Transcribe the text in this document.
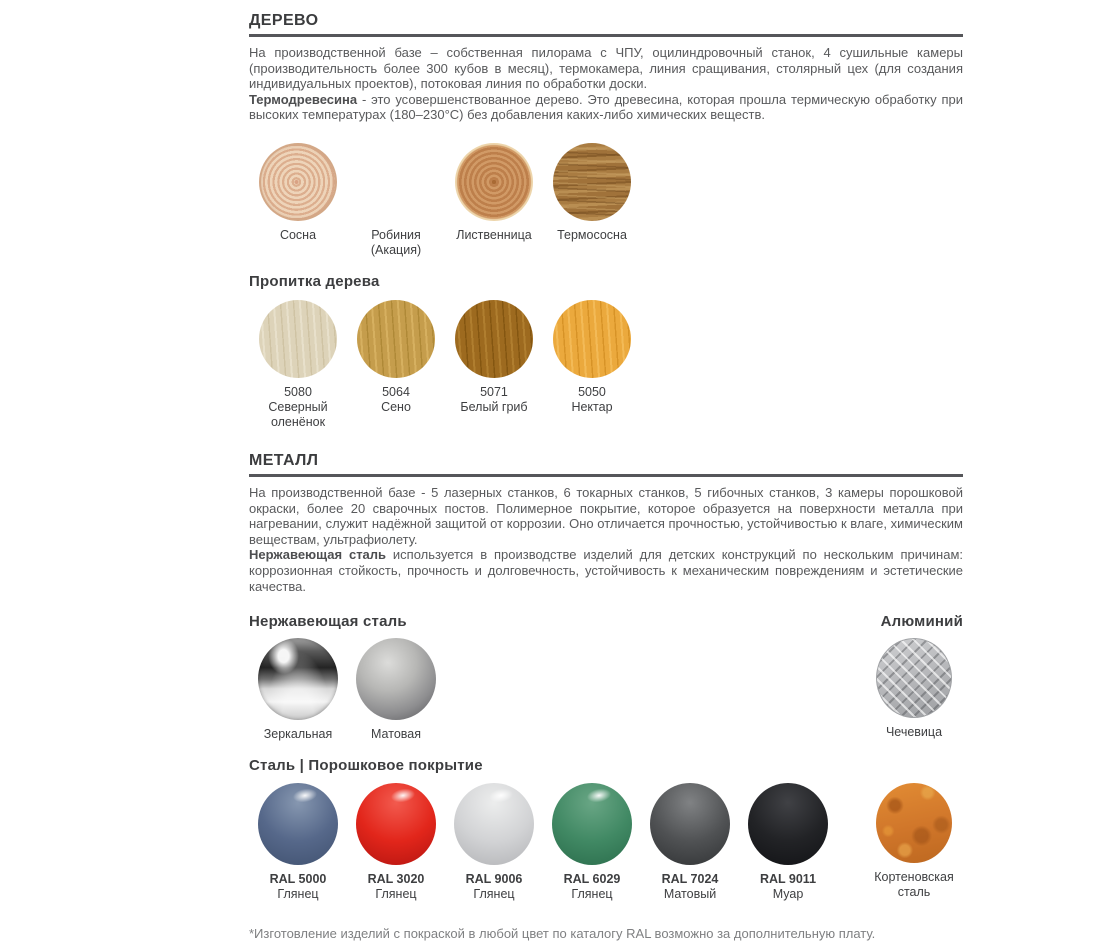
ДЕРЕВО

На производственной базе – собственная пилорама с ЧПУ, оцилиндровочный станок, 4 сушильные камеры (производительность более 300 кубов в месяц), термокамера, линия сращивания, столярный цех (для создания индивидуальных проектов), потоковая линия по обработки доски.

Термодревесина - это усовершенствованное дерево. Это древесина, которая прошла термическую обработку при высоких температурах (180–230°C) без добавления каких-либо химических веществ.

Сосна	Робиния (Акация)
Лиственница Термососна
Пропитка дерева
5080
Северный оленёнок
5064
Сено
5071
Белый гриб
5050
Нектар
МЕТАЛЛ

На производственной базе - 5 лазерных станков, 6 токарных станков, 5 гибочных станков, 3 камеры порошковой окраски, более 20 сварочных постов. Полимерное покрытие, которое образуется на поверхности металла при нагревании, служит надёжной защитой от коррозии. Оно отличается прочностью, устойчивостью к влаге, химическим веществам, ультрафиолету.

Нержавеющая сталь используется в производстве изделий для детских конструкций по нескольким причинам: коррозионная стойкость, прочность и долговечность, устойчивость к механическим повреждениям и эстетические качества.

Нержавеющая сталь	Алюминий
Зеркальная	Матовая	Чечевица
Сталь | Порошковое покрытие
RAL 5000
Глянец
RAL 3020
Глянец
RAL 9006
Глянец
RAL 6029
Глянец
RAL 7024
Матовый
RAL 9011
Муар
Кортеновская сталь

*Изготовление изделий с покраской в любой цвет по каталогу RAL возможно за дополнительную плату.
